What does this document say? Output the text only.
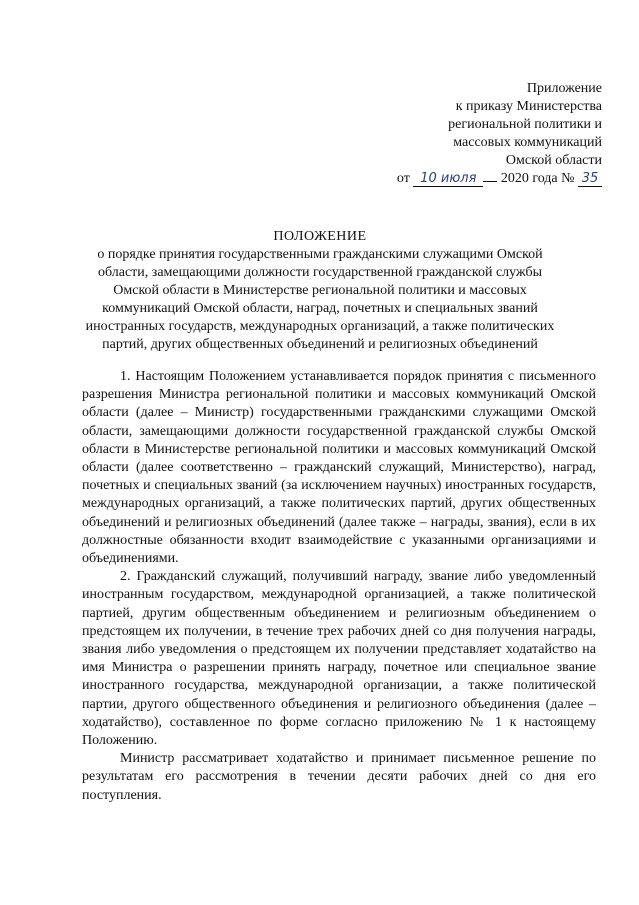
Приложение
к приказу Министерства
региональной политики и
массовых коммуникаций
Омской области
от 10 июля 2020 года № 35
ПОЛОЖЕНИЕ
о порядке принятия государственными гражданскими служащими Омской области, замещающими должности государственной гражданской службы Омской области в Министерстве региональной политики и массовых коммуникаций Омской области, наград, почетных и специальных званий иностранных государств, международных организаций, а также политических партий, других общественных объединений и религиозных объединений

1. Настоящим Положением устанавливается порядок принятия с письменного разрешения Министра региональной политики и массовых коммуникаций Омской области (далее – Министр) государственными гражданскими служащими Омской области, замещающими должности государственной гражданской службы Омской области в Министерстве региональной политики и массовых коммуникаций Омской области (далее соответственно – гражданский служащий, Министерство), наград, почетных и специальных званий (за исключением научных) иностранных государств, международных организаций, а также политических партий, других общественных объединений и религиозных объединений (далее также – награды, звания), если в их должностные обязанности входит взаимодействие с указанными организациями и объединениями.

2. Гражданский служащий, получивший награду, звание либо уведомленный иностранным государством, международной организацией, а также политической партией, другим общественным объединением и религиозным объединением о предстоящем их получении, в течение трех рабочих дней со дня получения награды, звания либо уведомления о предстоящем их получении представляет ходатайство на имя Министра о разрешении принять награду, почетное или специальное звание иностранного государства, международной организации, а также политической партии, другого общественного объединения и религиозного объединения (далее – ходатайство), составленное по форме согласно приложению № 1 к настоящему Положению.

Министр рассматривает ходатайство и принимает письменное решение по результатам его рассмотрения в течении десяти рабочих дней со дня его поступления.
